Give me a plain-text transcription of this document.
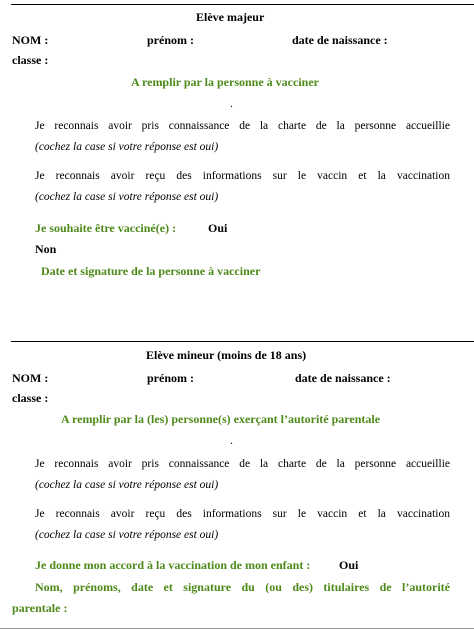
Elève majeur
NOM :	prénom :	date de naissance :
classe :
A remplir par la personne à vacciner
.
Je reconnais avoir pris connaissance de la charte de la personne accueillie
(cochez la case si votre réponse est oui)
Je reconnais avoir reçu des informations sur le vaccin et la vaccination
(cochez la case si votre réponse est oui)
Je souhaite être vacciné(e) :	Oui
Non
Date et signature de la personne à vacciner
Elève mineur (moins de 18 ans)
NOM :	prénom :	date de naissance :
classe :
A remplir par la (les) personne(s) exerçant l’autorité parentale
.
Je reconnais avoir pris connaissance de la charte de la personne accueillie
(cochez la case si votre réponse est oui)
Je reconnais avoir reçu des informations sur le vaccin et la vaccination
(cochez la case si votre réponse est oui)
Je donne mon accord à la vaccination de mon enfant : Oui
Nom, prénoms, date et signature du (ou des) titulaires de l’autorité
parentale :
